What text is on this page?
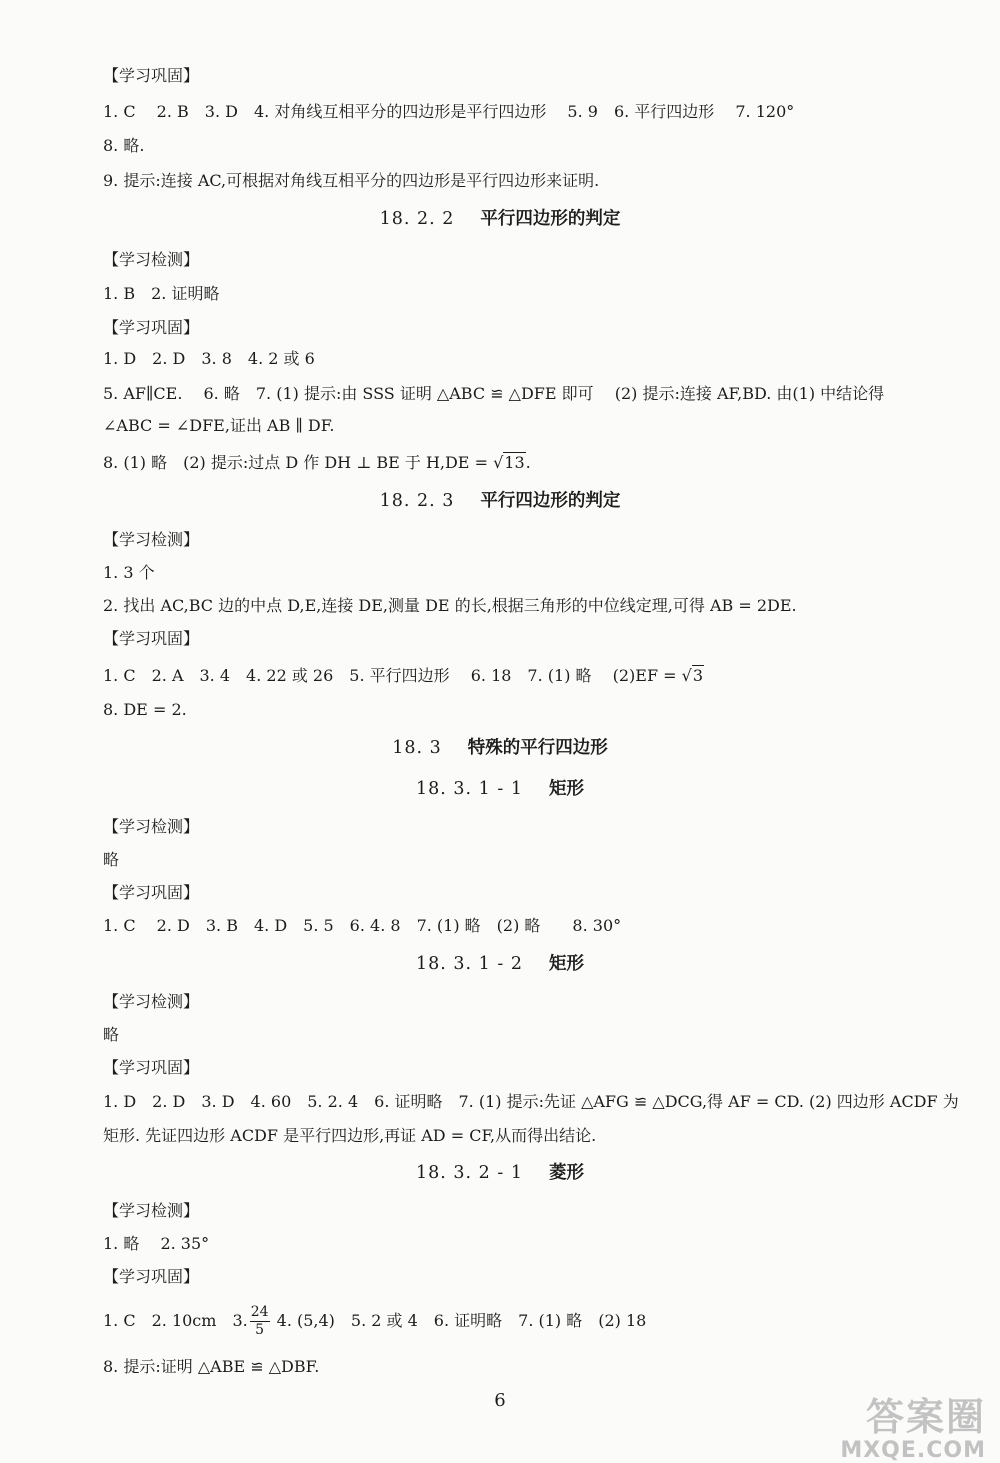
【学习巩固】
1. C　 2. B　3. D　4. 对角线互相平分的四边形是平行四边形　 5. 9　6. 平行四边形　 7. 120°
8. 略.
9. 提示:连接 AC,可根据对角线互相平分的四边形是平行四边形来证明.
18. 2. 2 平行四边形的判定
【学习检测】
1. B　2. 证明略
【学习巩固】
1. D　2. D　3. 8　4. 2 或 6
5. AF∥CE.　 6. 略　7. (1) 提示:由 SSS 证明 △ABC ≌ △DFE 即可　 (2) 提示:连接 AF,BD. 由(1) 中结论得
∠ABC = ∠DFE,证出 AB ∥ DF.
8. (1) 略　(2) 提示:过点 D 作 DH ⊥ BE 于 H,DE = √13.
18. 2. 3 平行四边形的判定
【学习检测】
1. 3 个
2. 找出 AC,BC 边的中点 D,E,连接 DE,测量 DE 的长,根据三角形的中位线定理,可得 AB = 2DE.
【学习巩固】
1. C　2. A　3. 4　4. 22 或 26　5. 平行四边形　 6. 18　7. (1) 略　 (2)EF = √3
8. DE = 2.
18. 3 特殊的平行四边形
18. 3. 1 - 1 矩形
【学习检测】
略
【学习巩固】
1. C　 2. D　3. B　4. D　5. 5　6. 4. 8　7. (1) 略　(2) 略　　8. 30°
18. 3. 1 - 2 矩形
【学习检测】
略
【学习巩固】
1. D　2. D　3. D　4. 60　5. 2. 4　6. 证明略　7. (1) 提示:先证 △AFG ≌ △DCG,得 AF = CD. (2) 四边形 ACDF 为
矩形. 先证四边形 ACDF 是平行四边形,再证 AD = CF,从而得出结论.
18. 3. 2 - 1 菱形
【学习检测】
1. 略　 2. 35°
【学习巩固】
1. C　2. 10cm　3. $\frac{24}{5} 4$. (5,4)　5. 2 或 4　6. 证明略　7. (1) 略　(2) 18
8. 提示:证明 △ABE ≌ △DBF.
6	答案圈
MXQE.COM
